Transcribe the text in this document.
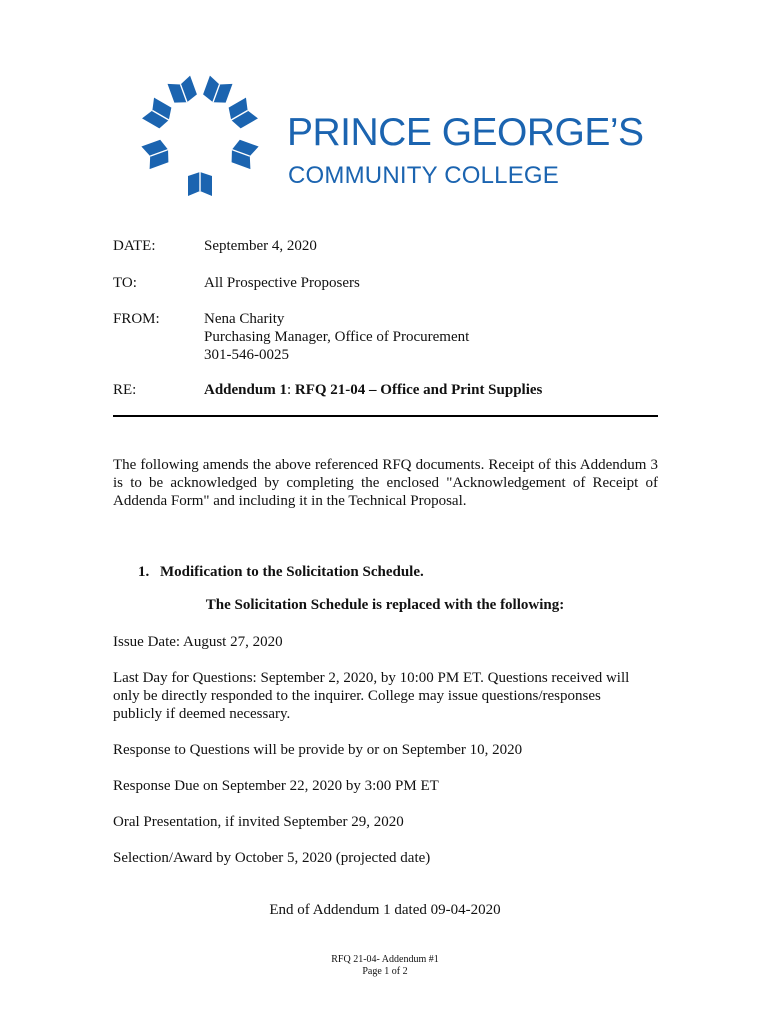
PRINCE GEORGE’S
COMMUNITY COLLEGE
DATE:	September 4, 2020
TO:	All Prospective Proposers
FROM:	Nena Charity
Purchasing Manager, Office of Procurement
301-546-0025
RE:	Addendum 1: RFQ 21-04 – Office and Print Supplies
The following amends the above referenced RFQ documents. Receipt of this Addendum 3 is to be acknowledged by completing the enclosed "Acknowledgement of Receipt of Addenda Form" and including it in the Technical Proposal.
1. Modification to the Solicitation Schedule.
The Solicitation Schedule is replaced with the following:
Issue Date: August 27, 2020
Last Day for Questions: September 2, 2020, by 10:00 PM ET. Questions received will
only be directly responded to the inquirer. College may issue questions/responses
publicly if deemed necessary.
Response to Questions will be provide by or on September 10, 2020
Response Due on September 22, 2020 by 3:00 PM ET
Oral Presentation, if invited September 29, 2020
Selection/Award by October 5, 2020 (projected date)
End of Addendum 1 dated 09-04-2020
RFQ 21-04- Addendum #1
Page 1 of 2
